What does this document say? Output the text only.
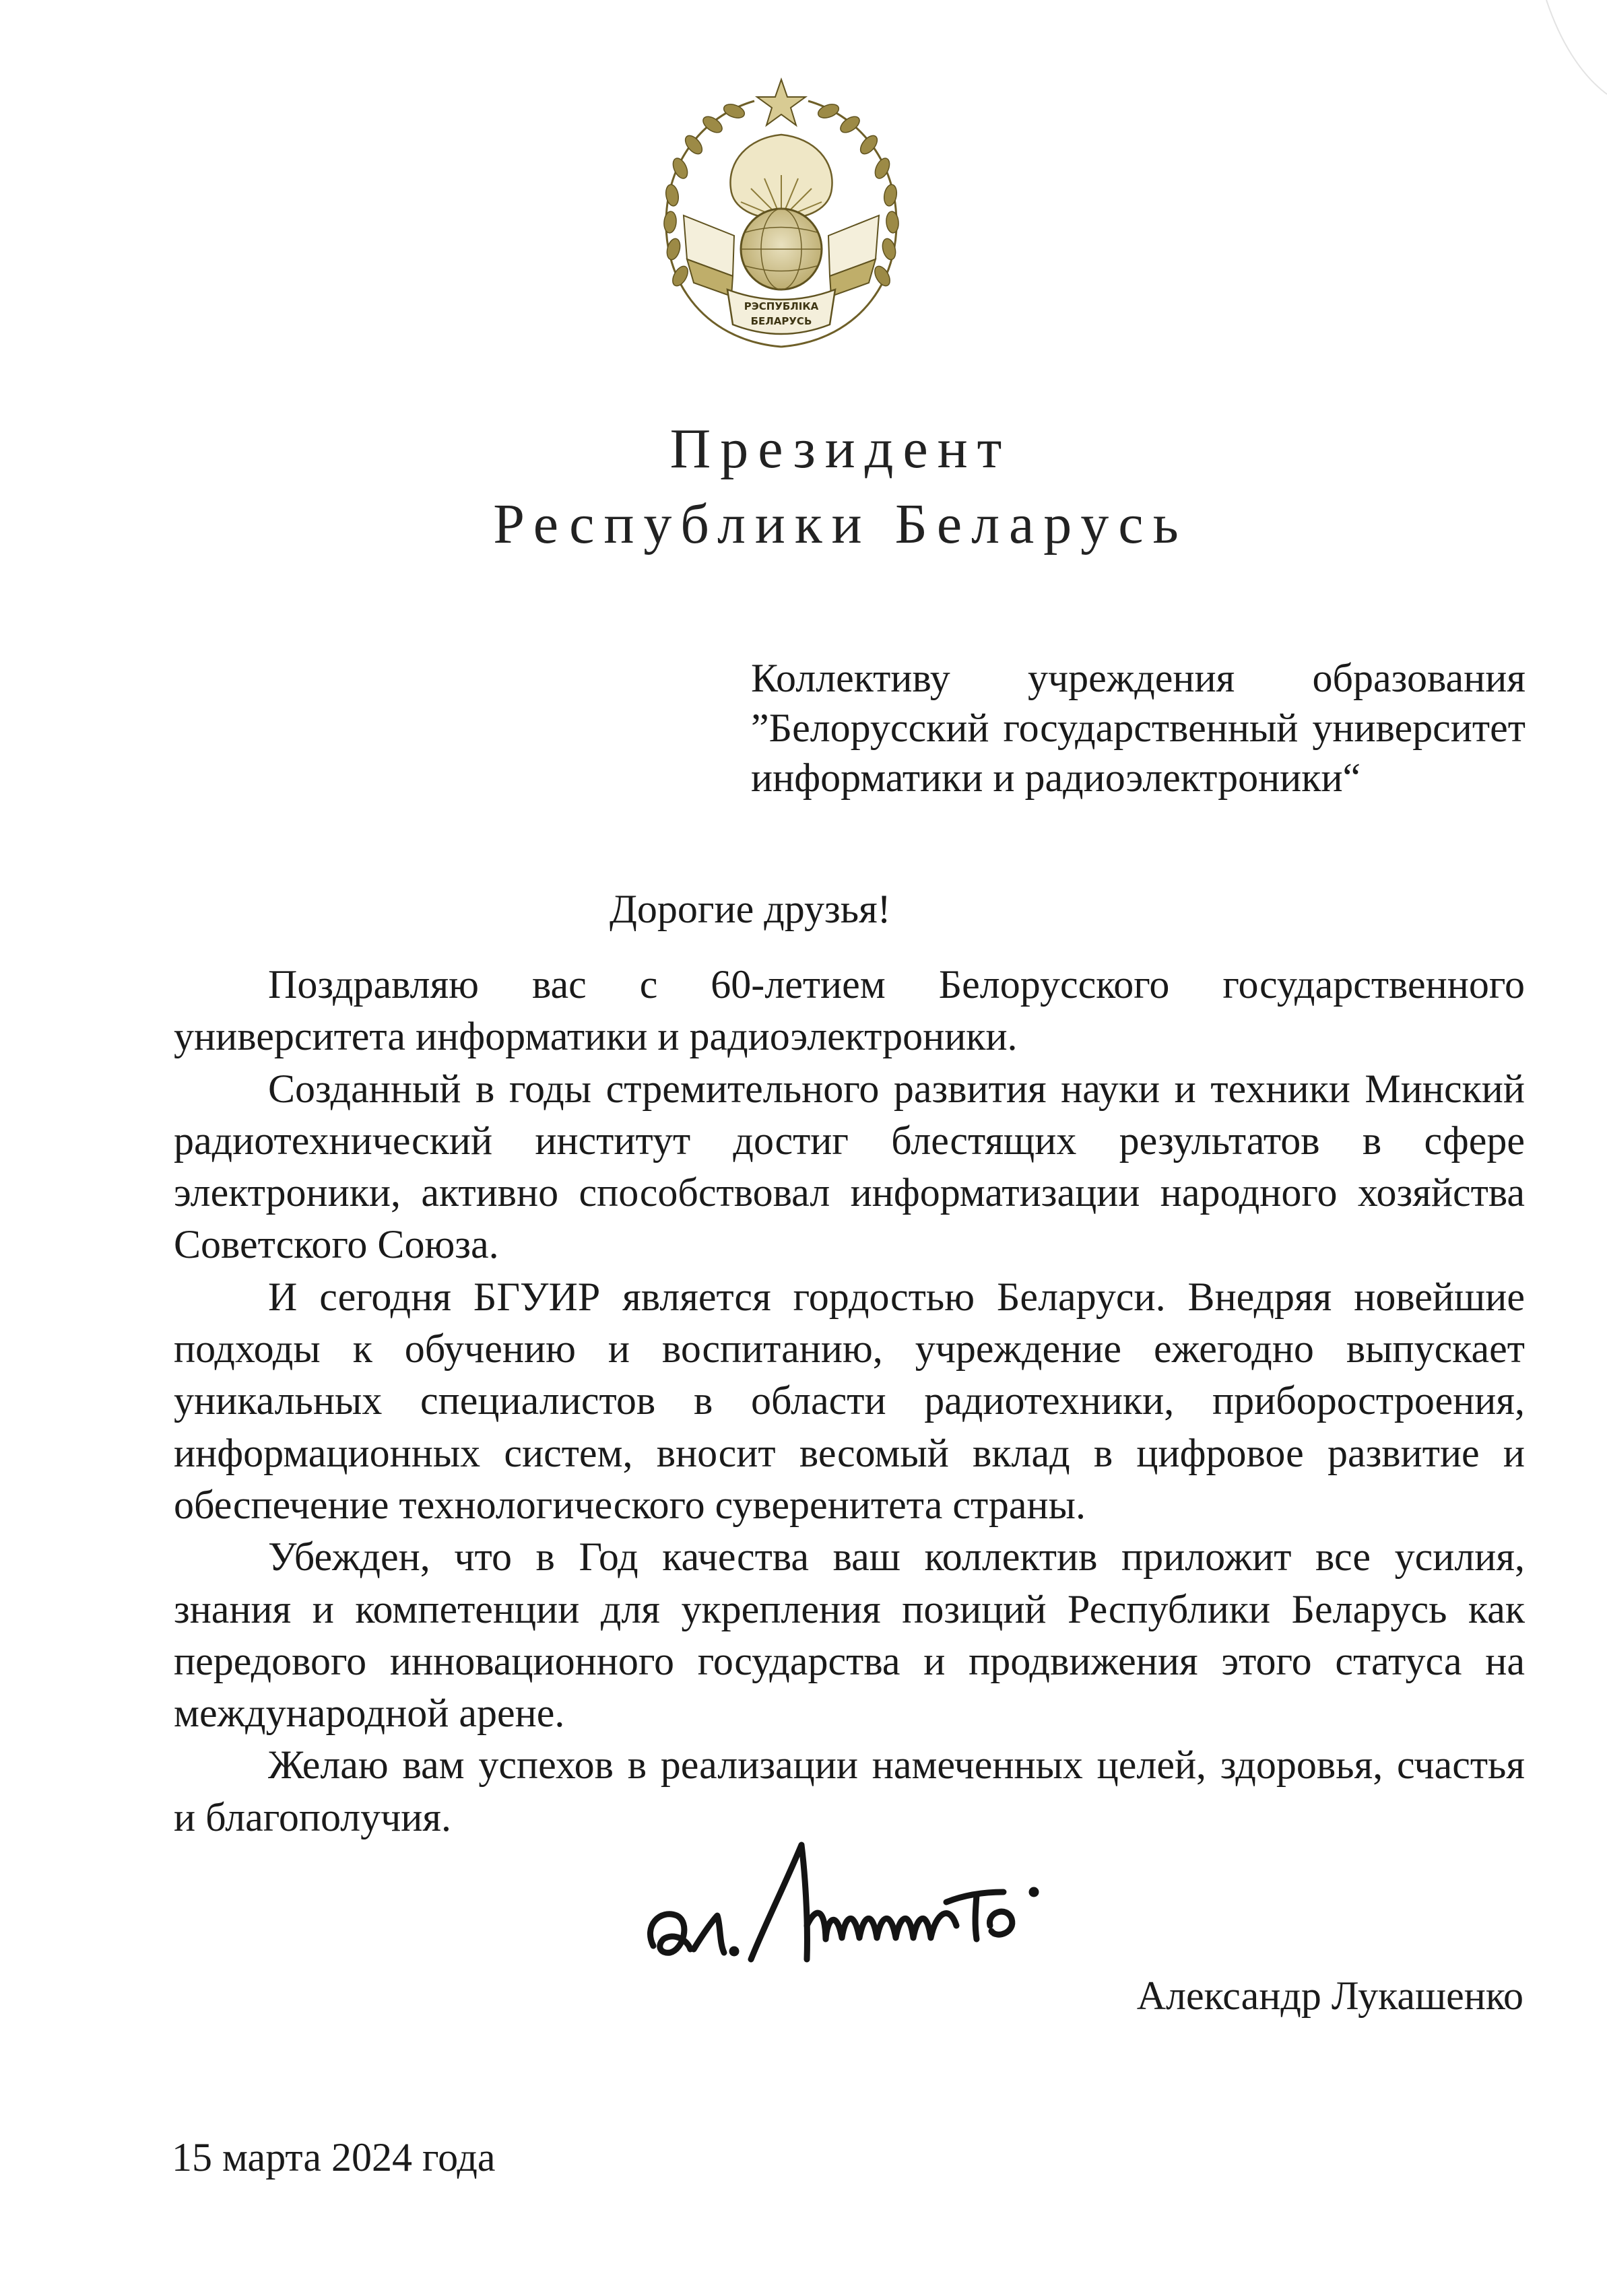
РЭСПУБЛІКА
БЕЛАРУСЬ
Президент
Республики Беларусь
Коллективу учреждения образования
”Белорусский государственный университет
информатики и радиоэлектроники“
Дорогие друзья!

Поздравляю вас с 60-летием Белорусского государственного университета информатики и радиоэлектроники.

Созданный в годы стремительного развития науки и техники Минский радиотехнический институт достиг блестящих результатов в сфере электроники, активно способствовал информатизации народного хозяйства Советского Союза.

И сегодня БГУИР является гордостью Беларуси. Внедряя новейшие подходы к обучению и воспитанию, учреждение ежегодно выпускает уникальных специалистов в области радиотехники, приборостроения, информационных систем, вносит весомый вклад в цифровое развитие и обеспечение технологического суверенитета страны.

Убежден, что в Год качества ваш коллектив приложит все усилия, знания и компетенции для укрепления позиций Республики Беларусь как передового инновационного государства и продвижения этого статуса на международной арене.

Желаю вам успехов в реализации намеченных целей, здоровья, счастья и благополучия.

Александр Лукашенко
15 марта 2024 года
